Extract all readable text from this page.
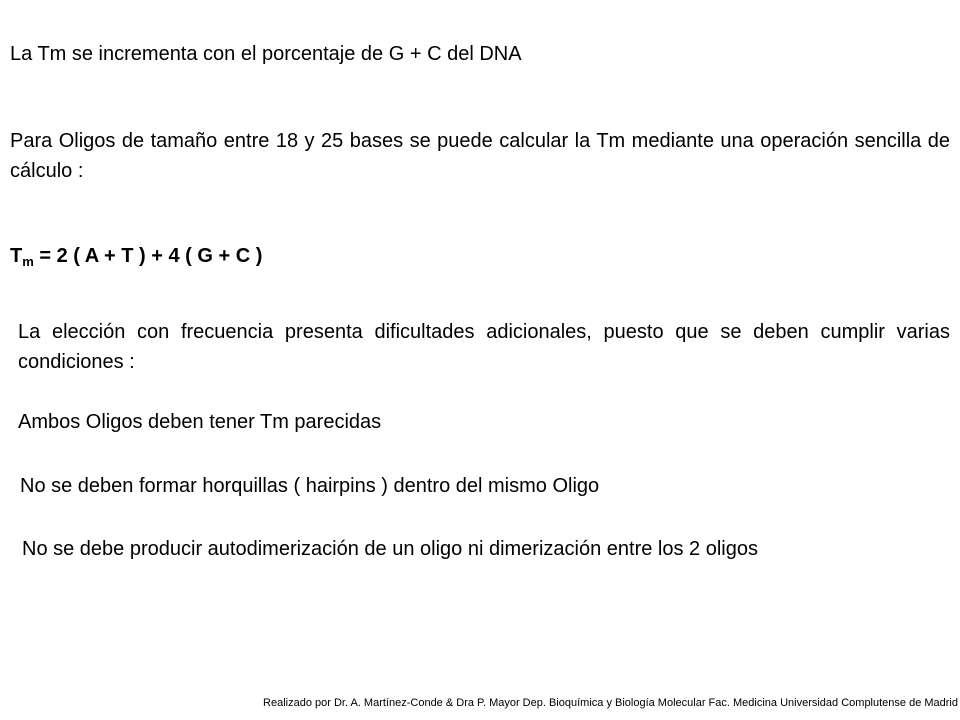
La Tm se incrementa con el porcentaje de G + C del DNA
Para Oligos de tamaño entre 18 y 25 bases se puede calcular la Tm mediante una operación sencilla de cálculo :
$T_m = 2$ ( A + T ) + 4 ( G + C )
La elección con frecuencia presenta dificultades adicionales, puesto que se deben cumplir varias condiciones :
Ambos Oligos deben tener Tm parecidas
No se deben formar horquillas ( hairpins ) dentro del mismo Oligo
No se debe producir autodimerización de un oligo ni dimerización entre los 2 oligos
Realizado por Dr. A. Martínez-Conde & Dra P. Mayor Dep. Bioquímica y Biología Molecular Fac. Medicina Universidad Complutense de Madrid
